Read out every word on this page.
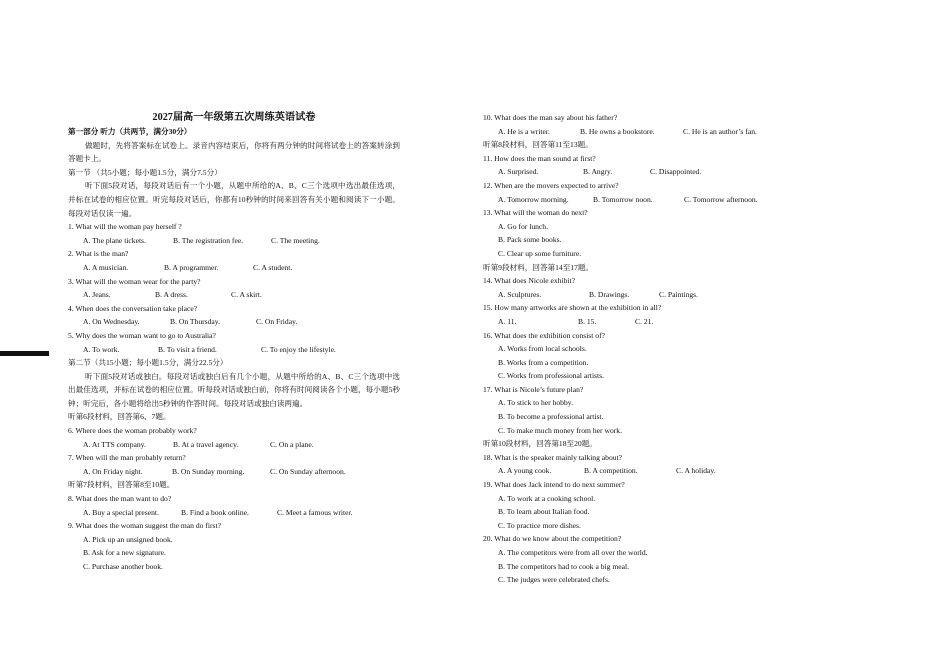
2027届高一年级第五次周练英语试卷
第一部分 听力（共两节，满分30分）
做题时，先将答案标在试卷上。录音内容结束后，你将有两分钟的时间将试卷上的答案转涂到答题卡上。
第一节 （共5小题；每小题1.5分，满分7.5分）
听下面5段对话，每段对话后有一个小题，从题中所给的A、B、C三个选项中选出最佳选项，并标在试卷的相应位置。听完每段对话后，你都有10秒钟的时间来回答有关小题和阅读下一小题。每段对话仅读一遍。
1. What will the woman pay herself ?
A. The plane tickets.	B. The registration fee.	C. The meeting.
2. What is the man?
A. A musician.	B. A programmer.	C. A student.
3. What will the woman wear for the party?
A. Jeans.	B. A dress.	C. A skirt.
4. When does the conversation take place?
A. On Wednesday.	B. On Thursday.	C. On Friday.
5. Why does the woman want to go to Australia?
A. To work.	B. To visit a friend.	C. To enjoy the lifestyle.
第二节（共15小题；每小题1.5分，满分22.5分）
听下面5段对话或独白。每段对话或独白后有几个小题，从题中所给的A、B、C三个选项中选出最佳选项，并标在试卷的相应位置。听每段对话或独白前，你将有时间阅读各个小题，每小题5秒钟；听完后，各小题将给出5秒钟的作答时间。每段对话或独白读两遍。
听第6段材料，回答第6、7题。
6. Where does the woman probably work?
A. At TTS company.	B. At a travel agency.	C. On a plane.
7. When will the man probably return?
A. On Friday night.	B. On Sunday morning.	C. On Sunday afternoon.
听第7段材料，回答第8至10题。
8. What does the man want to do?
A. Buy a special present.	B. Find a book online.	C. Meet a famous writer.
9. What does the woman suggest the man do first?
A. Pick up an unsigned book.
B. Ask for a new signature.
C. Purchase another book.
10. What does the man say about his father?
A. He is a writer.	B. He owns a bookstore.	C. He is an author’s fan.
听第8段材料，回答第11至13题。
11. How does the man sound at first?
A. Surprised.	B. Angry.	C. Disappointed.
12. When are the movers expected to arrive?
A. Tomorrow morning.	B. Tomorrow noon.	C. Tomorrow afternoon.
13. What will the woman do next?
A. Go for lunch.
B. Pack some books.
C. Clear up some furniture.
听第9段材料，回答第14至17题。
14. What does Nicole exhibit?
A. Sculptures.	B. Drawings.	C. Paintings.
15. How many artworks are shown at the exhibition in all?
A. 11.	B. 15.	C. 21.
16. What does the exhibition consist of?
A. Works from local schools.
B. Works from a competition.
C. Works from professional artists.
17. What is Nicole’s future plan?
A. To stick to her hobby.
B. To become a professional artist.
C. To make much money from her work.
听第10段材料，回答第18至20题。
18. What is the speaker mainly talking about?
A. A young cook.	B. A competition.	C. A holiday.
19. What does Jack intend to do next summer?
A. To work at a cooking school.
B. To learn about Italian food.
C. To practice more dishes.
20. What do we know about the competition?
A. The competitors were from all over the world.
B. The competitors had to cook a big meal.
C. The judges were celebrated chefs.
